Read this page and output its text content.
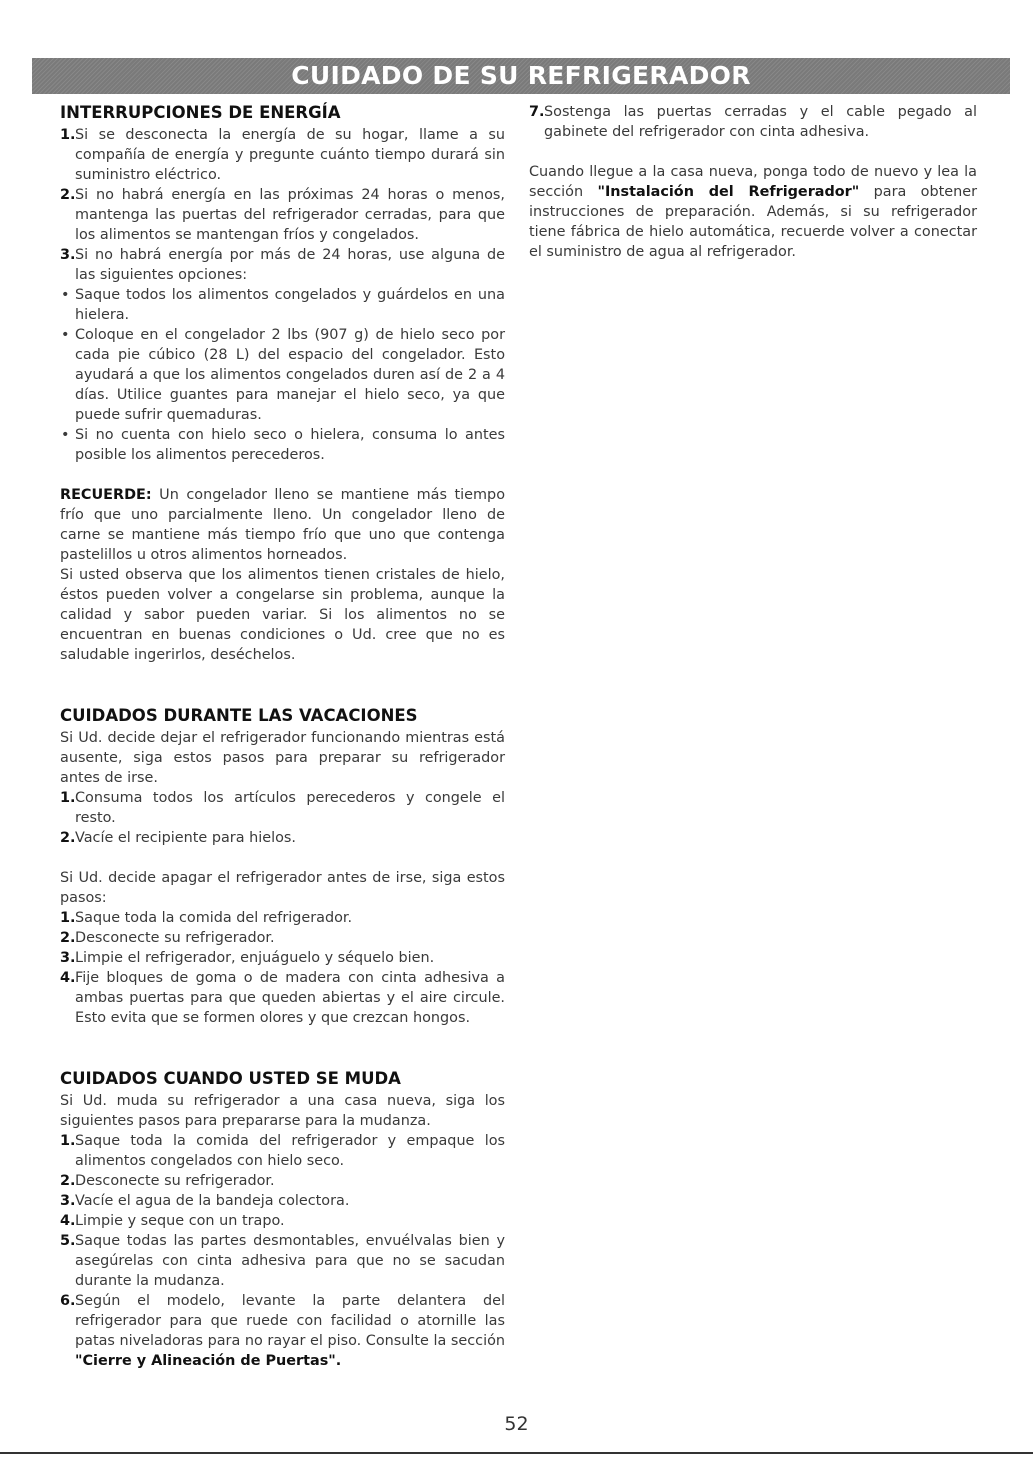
CUIDADO DE SU REFRIGERADOR
INTERRUPCIONES DE ENERGÍA
1. Si se desconecta la energía de su hogar, llame a su compañía de energía y pregunte cuánto tiempo durará sin suministro eléctrico.
2. Si no habrá energía en las próximas 24 horas o menos, mantenga las puertas del refrigerador cerradas, para que los alimentos se mantengan fríos y congelados.
3. Si no habrá energía por más de 24 horas, use alguna de las siguientes opciones:
• Saque todos los alimentos congelados y guárdelos en una hielera.
• Coloque en el congelador 2 lbs (907 g) de hielo seco por cada pie cúbico (28 L) del espacio del congelador. Esto ayudará a que los alimentos congelados duren así de 2 a 4 días. Utilice guantes para manejar el hielo seco, ya que puede sufrir quemaduras.
• Si no cuenta con hielo seco o hielera, consuma lo antes posible los alimentos perecederos.

RECUERDE: Un congelador lleno se mantiene más tiempo frío que uno parcialmente lleno. Un congelador lleno de carne se mantiene más tiempo frío que uno que contenga pastelillos u otros alimentos horneados.

Si usted observa que los alimentos tienen cristales de hielo, éstos pueden volver a congelarse sin problema, aunque la calidad y sabor pueden variar. Si los alimentos no se encuentran en buenas condiciones o Ud. cree que no es saludable ingerirlos, deséchelos.

CUIDADOS DURANTE LAS VACACIONES

Si Ud. decide dejar el refrigerador funcionando mientras está ausente, siga estos pasos para preparar su refrigerador antes de irse.

1. Consuma todos los artículos perecederos y congele el resto.
2. Vacíe el recipiente para hielos.

Si Ud. decide apagar el refrigerador antes de irse, siga estos pasos:

1. Saque toda la comida del refrigerador.
2. Desconecte su refrigerador.
3. Limpie el refrigerador, enjuáguelo y séquelo bien.
4. Fije bloques de goma o de madera con cinta adhesiva a ambas puertas para que queden abiertas y el aire circule. Esto evita que se formen olores y que crezcan hongos.
CUIDADOS CUANDO USTED SE MUDA

Si Ud. muda su refrigerador a una casa nueva, siga los siguientes pasos para prepararse para la mudanza.

1. Saque toda la comida del refrigerador y empaque los alimentos congelados con hielo seco.
2. Desconecte su refrigerador.
3. Vacíe el agua de la bandeja colectora.
4. Limpie y seque con un trapo.
5. Saque todas las partes desmontables, envuélvalas bien y asegúrelas con cinta adhesiva para que no se sacudan durante la mudanza.
6. Según el modelo, levante la parte delantera del refrigerador para que ruede con facilidad o atornille las patas niveladoras para no rayar el piso. Consulte la sección "Cierre y Alineación de Puertas".
7. Sostenga las puertas cerradas y el cable pegado al gabinete del refrigerador con cinta adhesiva.

Cuando llegue a la casa nueva, ponga todo de nuevo y lea la sección "Instalación del Refrigerador" para obtener instrucciones de preparación. Además, si su refrigerador tiene fábrica de hielo automática, recuerde volver a conectar el suministro de agua al refrigerador.

52
